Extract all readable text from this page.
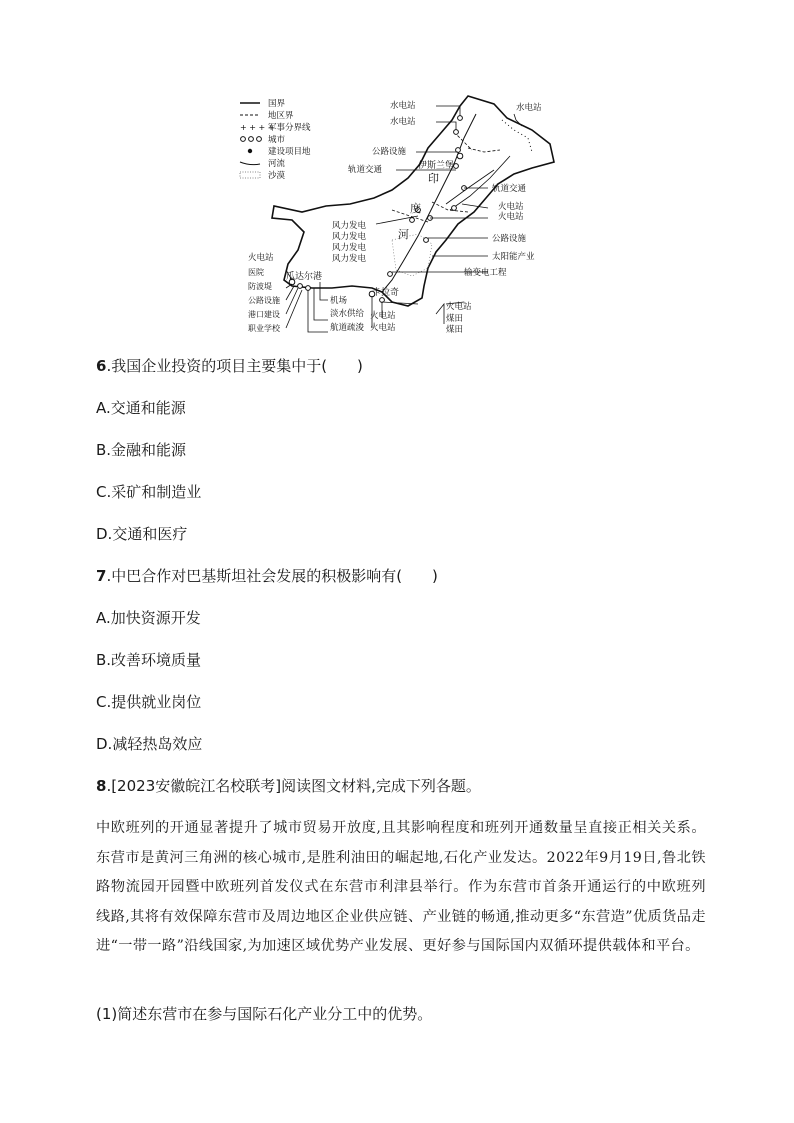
国界
地区界
+ + + +
军事分界线
城市
建设项目地
河流
沙漠	印
度
河
伊斯兰堡
瓜达尔港
卡拉奇
水电站
水电站
水电站
公路设施
轨道交通
轨道交通
火电站
火电站
公路设施
太阳能产业
输变电工程
火电站
煤田
煤田
风力发电
风力发电
风力发电
风力发电
火电站
医院
防波堤
公路设施
港口建设
职业学校
机场
淡水供给
航道疏浚
火电站
火电站
6.我国企业投资的项目主要集中于(　　)
A.交通和能源
B.金融和能源
C.采矿和制造业
D.交通和医疗
7.中巴合作对巴基斯坦社会发展的积极影响有(　　)
A.加快资源开发
B.改善环境质量
C.提供就业岗位
D.减轻热岛效应
8.[2023安徽皖江名校联考]阅读图文材料,完成下列各题。
中欧班列的开通显著提升了城市贸易开放度,且其影响程度和班列开通数量呈直接正相关关系。东营市是黄河三角洲的核心城市,是胜利油田的崛起地,石化产业发达。2022年9月19日,鲁北铁路物流园开园暨中欧班列首发仪式在东营市利津县举行。作为东营市首条开通运行的中欧班列线路,其将有效保障东营市及周边地区企业供应链、产业链的畅通,推动更多“东营造”优质货品走进“一带一路”沿线国家,为加速区域优势产业发展、更好参与国际国内双循环提供载体和平台。
(1)简述东营市在参与国际石化产业分工中的优势。
